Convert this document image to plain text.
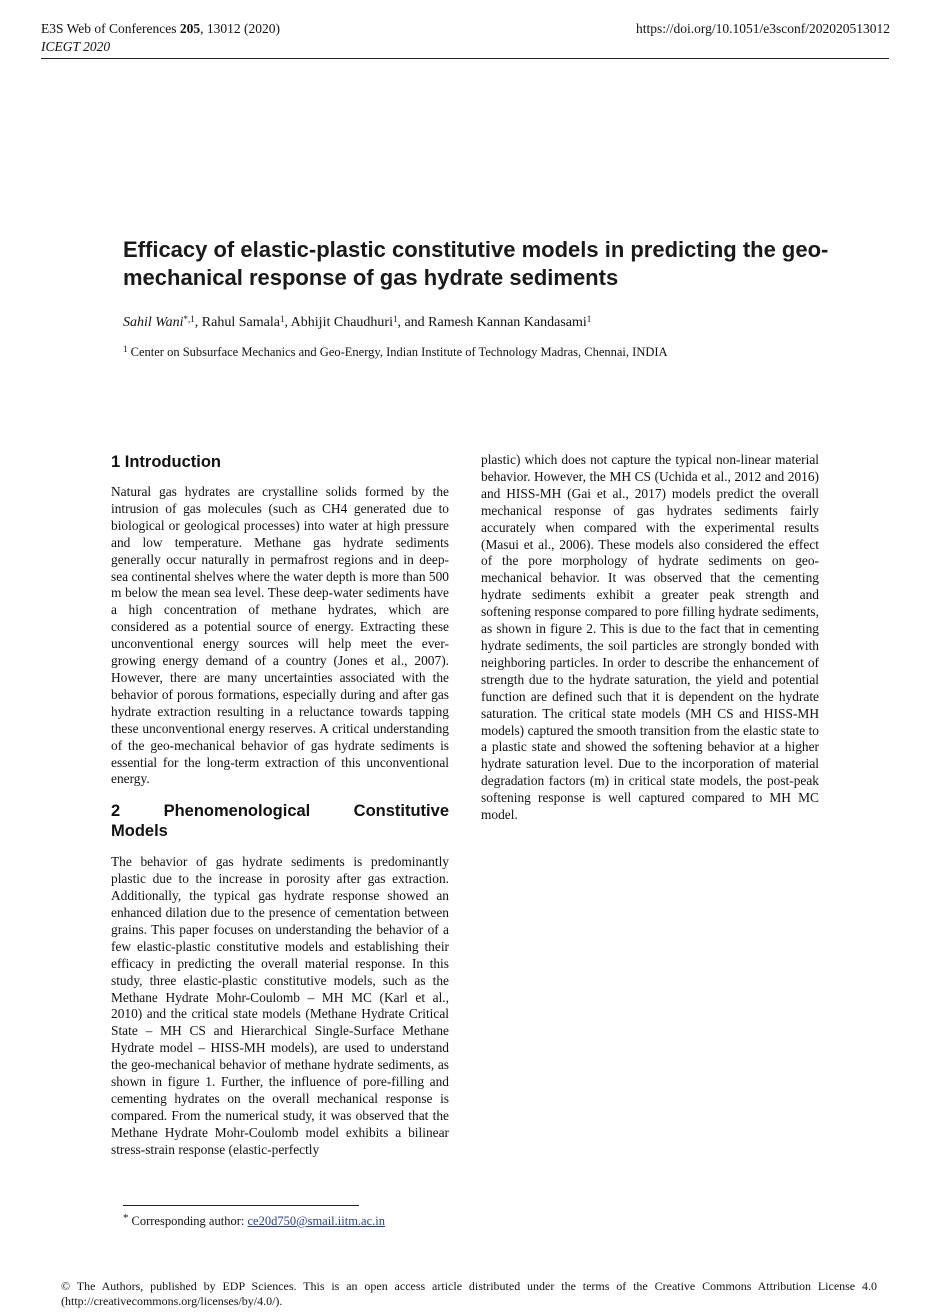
E3S Web of Conferences 205, 13012 (2020)
ICEGT 2020
https://doi.org/10.1051/e3sconf/202020513012
Efficacy of elastic-plastic constitutive models in predicting the geo-mechanical response of gas hydrate sediments

Sahil Wani$^{*,1}$, Rahul Samala$^1$, Abhijit Chaudhuri$^1$, and Ramesh Kannan Kandasami$^1$

$^1$ Center on Subsurface Mechanics and Geo-Energy, Indian Institute of Technology Madras, Chennai, INDIA

1 Introduction

Natural gas hydrates are crystalline solids formed by the intrusion of gas molecules (such as CH4 generated due to biological or geological processes) into water at high pressure and low temperature. Methane gas hydrate sediments generally occur naturally in permafrost regions and in deep-sea continental shelves where the water depth is more than 500 m below the mean sea level. These deep-water sediments have a high concentration of methane hydrates, which are considered as a potential source of energy. Extracting these unconventional energy sources will help meet the ever-growing energy demand of a country (Jones et al., 2007). However, there are many uncertainties associated with the behavior of porous formations, especially during and after gas hydrate extraction resulting in a reluctance towards tapping these unconventional energy reserves. A critical understanding of the geo-mechanical behavior of gas hydrate sediments is essential for the long-term extraction of this unconventional energy.

2	Phenomenological	Constitutive
Models

The behavior of gas hydrate sediments is predominantly plastic due to the increase in porosity after gas extraction. Additionally, the typical gas hydrate response showed an enhanced dilation due to the presence of cementation between grains. This paper focuses on understanding the behavior of a few elastic-plastic constitutive models and establishing their efficacy in predicting the overall material response. In this study, three elastic-plastic constitutive models, such as the Methane Hydrate Mohr-Coulomb – MH MC (Karl et al., 2010) and the critical state models (Methane Hydrate Critical State – MH CS and Hierarchical Single-Surface Methane Hydrate model – HISS-MH models), are used to understand the geo-mechanical behavior of methane hydrate sediments, as shown in figure 1. Further, the influence of pore-filling and cementing hydrates on the overall mechanical response is compared. From the numerical study, it was observed that the Methane Hydrate Mohr-Coulomb model exhibits a bilinear stress-strain response (elastic-perfectly

plastic) which does not capture the typical non-linear material behavior. However, the MH CS (Uchida et al., 2012 and 2016) and HISS-MH (Gai et al., 2017) models predict the overall mechanical response of gas hydrates sediments fairly accurately when compared with the experimental results (Masui et al., 2006). These models also considered the effect of the pore morphology of hydrate sediments on geo-mechanical behavior. It was observed that the cementing hydrate sediments exhibit a greater peak strength and softening response compared to pore filling hydrate sediments, as shown in figure 2. This is due to the fact that in cementing hydrate sediments, the soil particles are strongly bonded with neighboring particles. In order to describe the enhancement of strength due to the hydrate saturation, the yield and potential function are defined such that it is dependent on the hydrate saturation. The critical state models (MH CS and HISS-MH models) captured the smooth transition from the elastic state to a plastic state and showed the softening behavior at a higher hydrate saturation level. Due to the incorporation of material degradation factors (m) in critical state models, the post-peak softening response is well captured compared to MH MC model.

* Corresponding author: ce20d750@smail.iitm.ac.in

© The Authors, published by EDP Sciences. This is an open access article distributed under the terms of the Creative Commons Attribution License 4.0 (http://creativecommons.org/licenses/by/4.0/).
